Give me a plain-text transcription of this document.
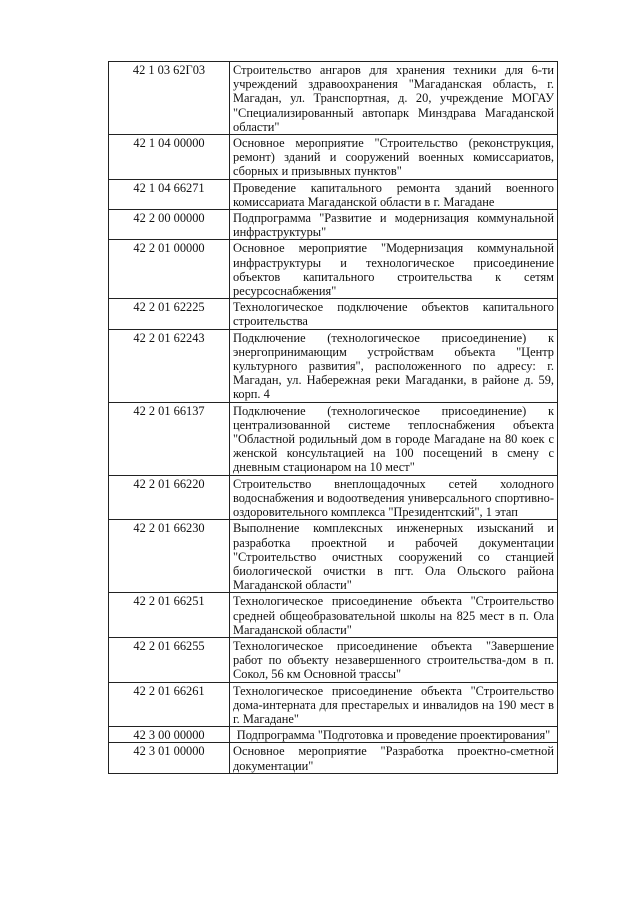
42 1 03 62Г03	Строительство ангаров для хранения техники для 6-ти учреждений здравоохранения "Магаданская область, г. Магадан, ул. Транспортная, д. 20, учреждение МОГАУ "Специализированный автопарк Минздрава Магаданской области"
42 1 04 00000	Основное мероприятие "Строительство (реконструкция, ремонт) зданий и сооружений военных комиссариатов, сборных и призывных пунктов"
42 1 04 66271	Проведение капитального ремонта зданий военного комиссариата Магаданской области в г. Магадане
42 2 00 00000	Подпрограмма "Развитие и модернизация коммунальной инфраструктуры"
42 2 01 00000	Основное мероприятие "Модернизация коммунальной инфраструктуры и технологическое присоединение объектов капитального строительства к сетям ресурсоснабжения"
42 2 01 62225	Технологическое подключение объектов капитального строительства
42 2 01 62243	Подключение (технологическое присоединение) к энергопринимающим устройствам объекта "Центр культурного развития", расположенного по адресу: г. Магадан, ул. Набережная реки Магаданки, в районе д. 59, корп. 4
42 2 01 66137	Подключение (технологическое присоединение) к централизованной системе теплоснабжения объекта "Областной родильный дом в городе Магадане на 80 коек с женской консультацией на 100 посещений в смену с дневным стационаром на 10 мест"
42 2 01 66220	Строительство внеплощадочных сетей холодного водоснабжения и водоотведения универсального спортивно-оздоровительного комплекса "Президентский", 1 этап
42 2 01 66230	Выполнение комплексных инженерных изысканий и разработка проектной и рабочей документации "Строительство очистных сооружений со станцией биологической очистки в пгт. Ола Ольского района Магаданской области"
42 2 01 66251	Технологическое присоединение объекта "Строительство средней общеобразовательной школы на 825 мест в п. Ола Магаданской области"
42 2 01 66255	Технологическое присоединение объекта "Завершение работ по объекту незавершенного строительства-дом в п. Сокол, 56 км Основной трассы"
42 2 01 66261	Технологическое присоединение объекта "Строительство дома-интерната для престарелых и инвалидов на 190 мест в г. Магадане"
42 3 00 00000	Подпрограмма "Подготовка и проведение проектирования"
42 3 01 00000	Основное мероприятие "Разработка проектно-сметной документации"
